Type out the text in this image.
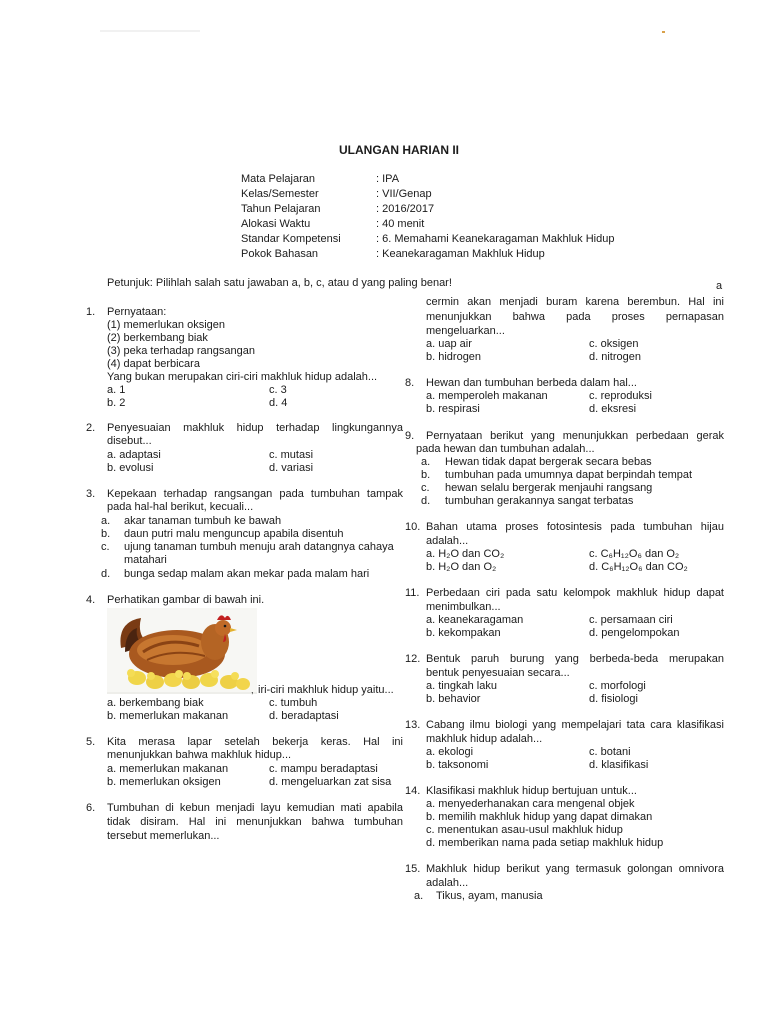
ULANGAN HARIAN II
Mata Pelajaran	: IPA
Kelas/Semester	: VII/Genap
Tahun Pelajaran	: 2016/2017
Alokasi Waktu	: 40 menit
Standar Kompetensi	: 6. Memahami Keanekaragaman Makhluk Hidup
Pokok Bahasan	: Keanekaragaman Makhluk Hidup
Petunjuk: Pilihlah salah satu jawaban a, b, c, atau d yang paling benar!
1. Pernyataan:
(1) memerlukan oksigen
(2) berkembang biak
(3) peka terhadap rangsangan
(4) dapat berbicara
Yang bukan merupakan ciri-ciri makhluk hidup adalah...
a. 1	c. 3
b. 2	d. 4
2. Penyesuaian makhluk hidup terhadap lingkungannya
disebut...
a. adaptasi	c. mutasi
b. evolusi	d. variasi
3. Kepekaan terhadap rangsangan pada tumbuhan tampak
pada hal-hal berikut, kecuali...
a. akar tanaman tumbuh ke bawah
b. daun putri malu menguncup apabila disentuh
c. ujung tanaman tumbuh menuju arah datangnya cahaya
matahari
d. bunga sedap malam akan mekar pada malam hari
4. Perhatikan gambar di bawah ini.
, iri-ciri makhluk hidup yaitu...
a. berkembang biak	c. tumbuh
b. memerlukan makanan	d. beradaptasi
5. Kita merasa lapar setelah bekerja keras. Hal ini
menunjukkan bahwa makhluk hidup...
a. memerlukan makanan	c. mampu beradaptasi
b. memerlukan oksigen	d. mengeluarkan zat sisa
6. Tumbuhan di kebun menjadi layu kemudian mati apabila
tidak disiram. Hal ini menunjukkan bahwa tumbuhan
tersebut memerlukan...
a
cermin akan menjadi buram karena berembun. Hal ini
menunjukkan bahwa pada proses pernapasan
mengeluarkan...
a. uap air	c. oksigen
b. hidrogen	d. nitrogen
8. Hewan dan tumbuhan berbeda dalam hal...
a. memperoleh makanan	c. reproduksi
b. respirasi	d. eksresi
9. Pernyataan berikut yang menunjukkan perbedaan gerak
pada hewan dan tumbuhan adalah...
a. Hewan tidak dapat bergerak secara bebas
b. tumbuhan pada umumnya dapat berpindah tempat
c. hewan selalu bergerak menjauhi rangsang
d. tumbuhan gerakannya sangat terbatas
10. Bahan utama proses fotosintesis pada tumbuhan hijau
adalah...
a. H₂O dan CO₂	c. C₆H₁₂O₆ dan O₂
b. H₂O dan O₂	d. C₆H₁₂O₆ dan CO₂
11. Perbedaan ciri pada satu kelompok makhluk hidup dapat
menimbulkan...
a. keanekaragaman	c. persamaan ciri
b. kekompakan	d. pengelompokan
12. Bentuk paruh burung yang berbeda-beda merupakan
bentuk penyesuaian secara...
a. tingkah laku	c. morfologi
b. behavior	d. fisiologi
13. Cabang ilmu biologi yang mempelajari tata cara klasifikasi
makhluk hidup adalah...
a. ekologi	c. botani
b. taksonomi	d. klasifikasi
14. Klasifikasi makhluk hidup bertujuan untuk...
a. menyederhanakan cara mengenal objek
b. memilih makhluk hidup yang dapat dimakan
c. menentukan asau-usul makhluk hidup
d. memberikan nama pada setiap makhluk hidup
15. Makhluk hidup berikut yang termasuk golongan omnivora
adalah...
a. Tikus, ayam, manusia
